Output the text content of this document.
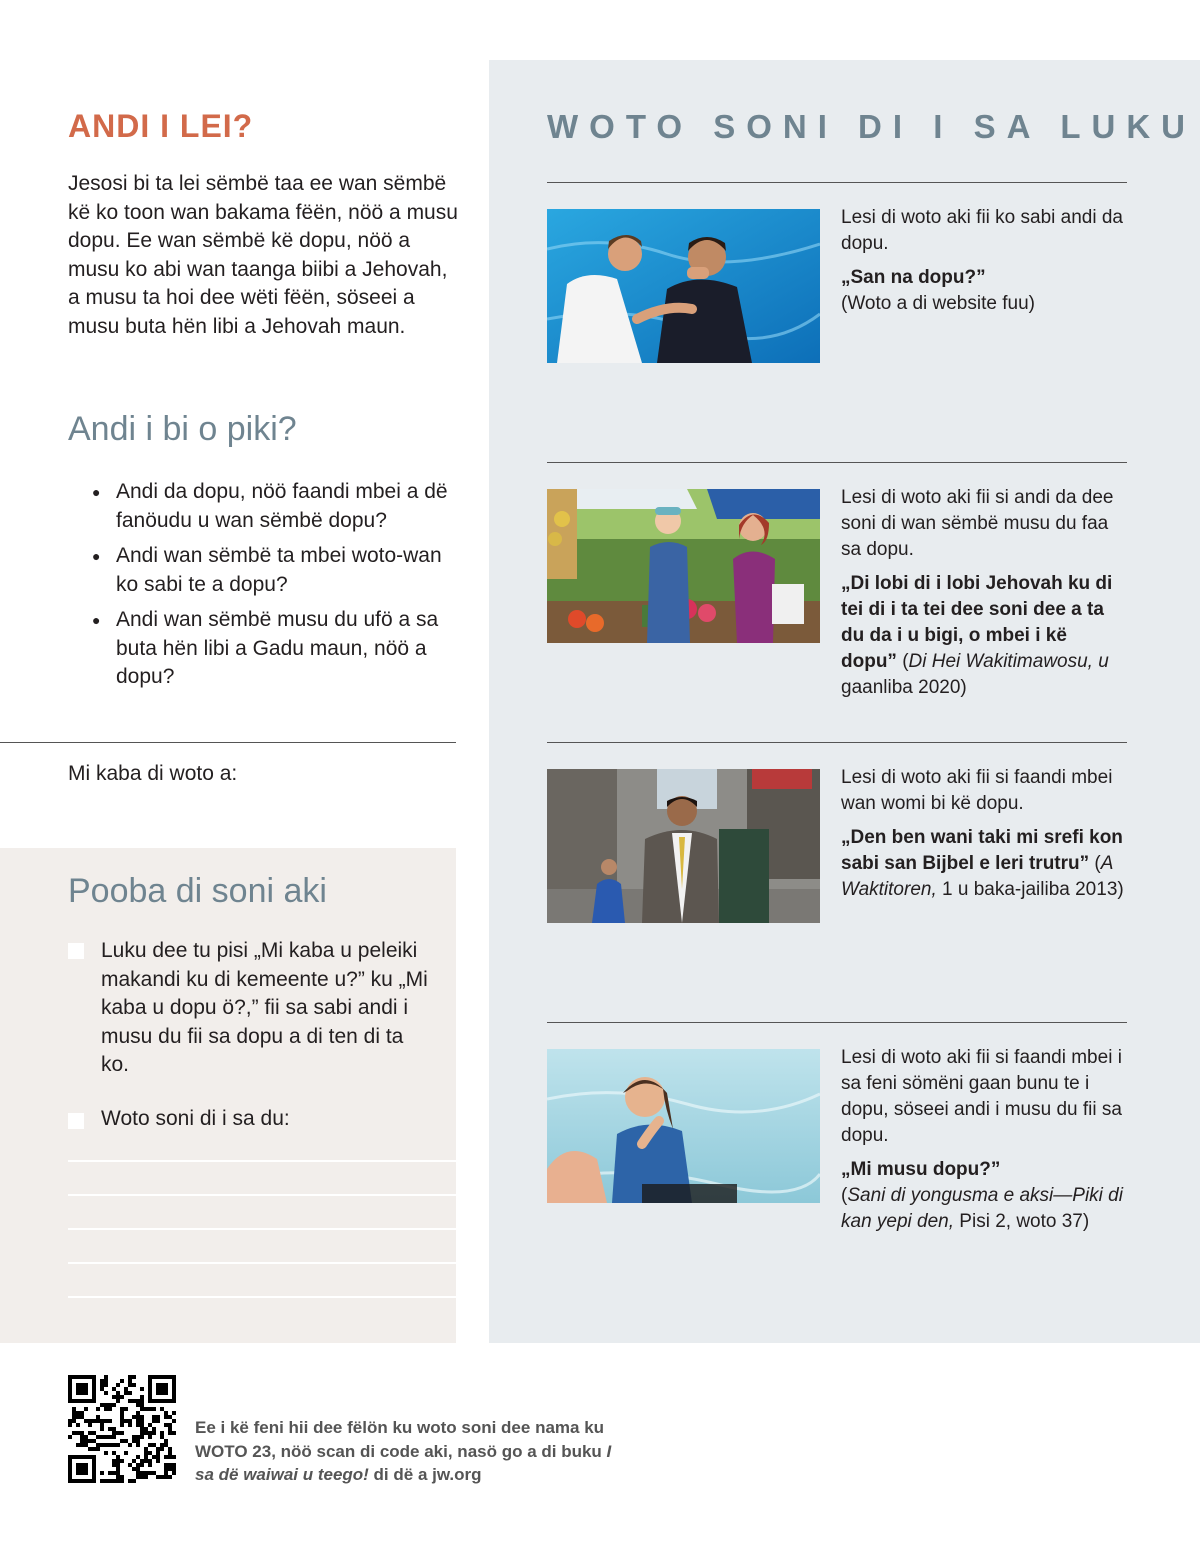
ANDI I LEI?
Jesosi bi ta lei sëmbë taa ee wan sëmbë kë ko toon wan bakama fëën, nöö a musu dopu. Ee wan sëmbë kë dopu, nöö a musu ko abi wan taanga biibi a Jehovah, a musu ta hoi dee wëti fëën, söseei a musu buta hën libi a Jehovah maun.
Andi i bi o piki?
● Andi da dopu, nöö faandi mbei a dë fanöudu u wan sëmbë dopu?
● Andi wan sëmbë ta mbei woto-wan ko sabi te a dopu?
● Andi wan sëmbë musu du ufö a sa buta hën libi a Gadu maun, nöö a dopu?
Mi kaba di woto a:
Pooba di soni aki
Luku dee tu pisi „Mi kaba u peleiki makandi ku di kemeente u?” ku „Mi kaba u dopu ö?,” fii sa sabi andi i musu du fii sa dopu a di ten di ta ko.
Woto soni di i sa du:
WOTO SONI DI I SA LUKU
Lesi di woto aki fii ko sabi andi da dopu.
„San na dopu?”
(Woto a di website fuu)
Lesi di woto aki fii si andi da dee soni di wan sëmbë musu du faa sa dopu.
„Di lobi di i lobi Jehovah ku di tei di i ta tei dee soni dee a ta du da i u bigi, o mbei i kë dopu” (Di Hei Wakitimawosu, u gaanliba 2020)
Lesi di woto aki fii si faandi mbei wan womi bi kë dopu.
„Den ben wani taki mi srefi kon sabi san Bijbel e leri trutru” (A Waktitoren, 1 u baka-jailiba 2013)
Lesi di woto aki fii si faandi mbei i sa feni sömëni gaan bunu te i dopu, söseei andi i musu du fii sa dopu.
„Mi musu dopu?”
(Sani di yongusma e aksi—Piki di kan yepi den, Pisi 2, woto 37)
Ee i kë feni hii dee fëlön ku woto soni dee nama ku WOTO 23, nöö scan di code aki, nasö go a di buku I sa dë waiwai u teego! di dë a jw.org
